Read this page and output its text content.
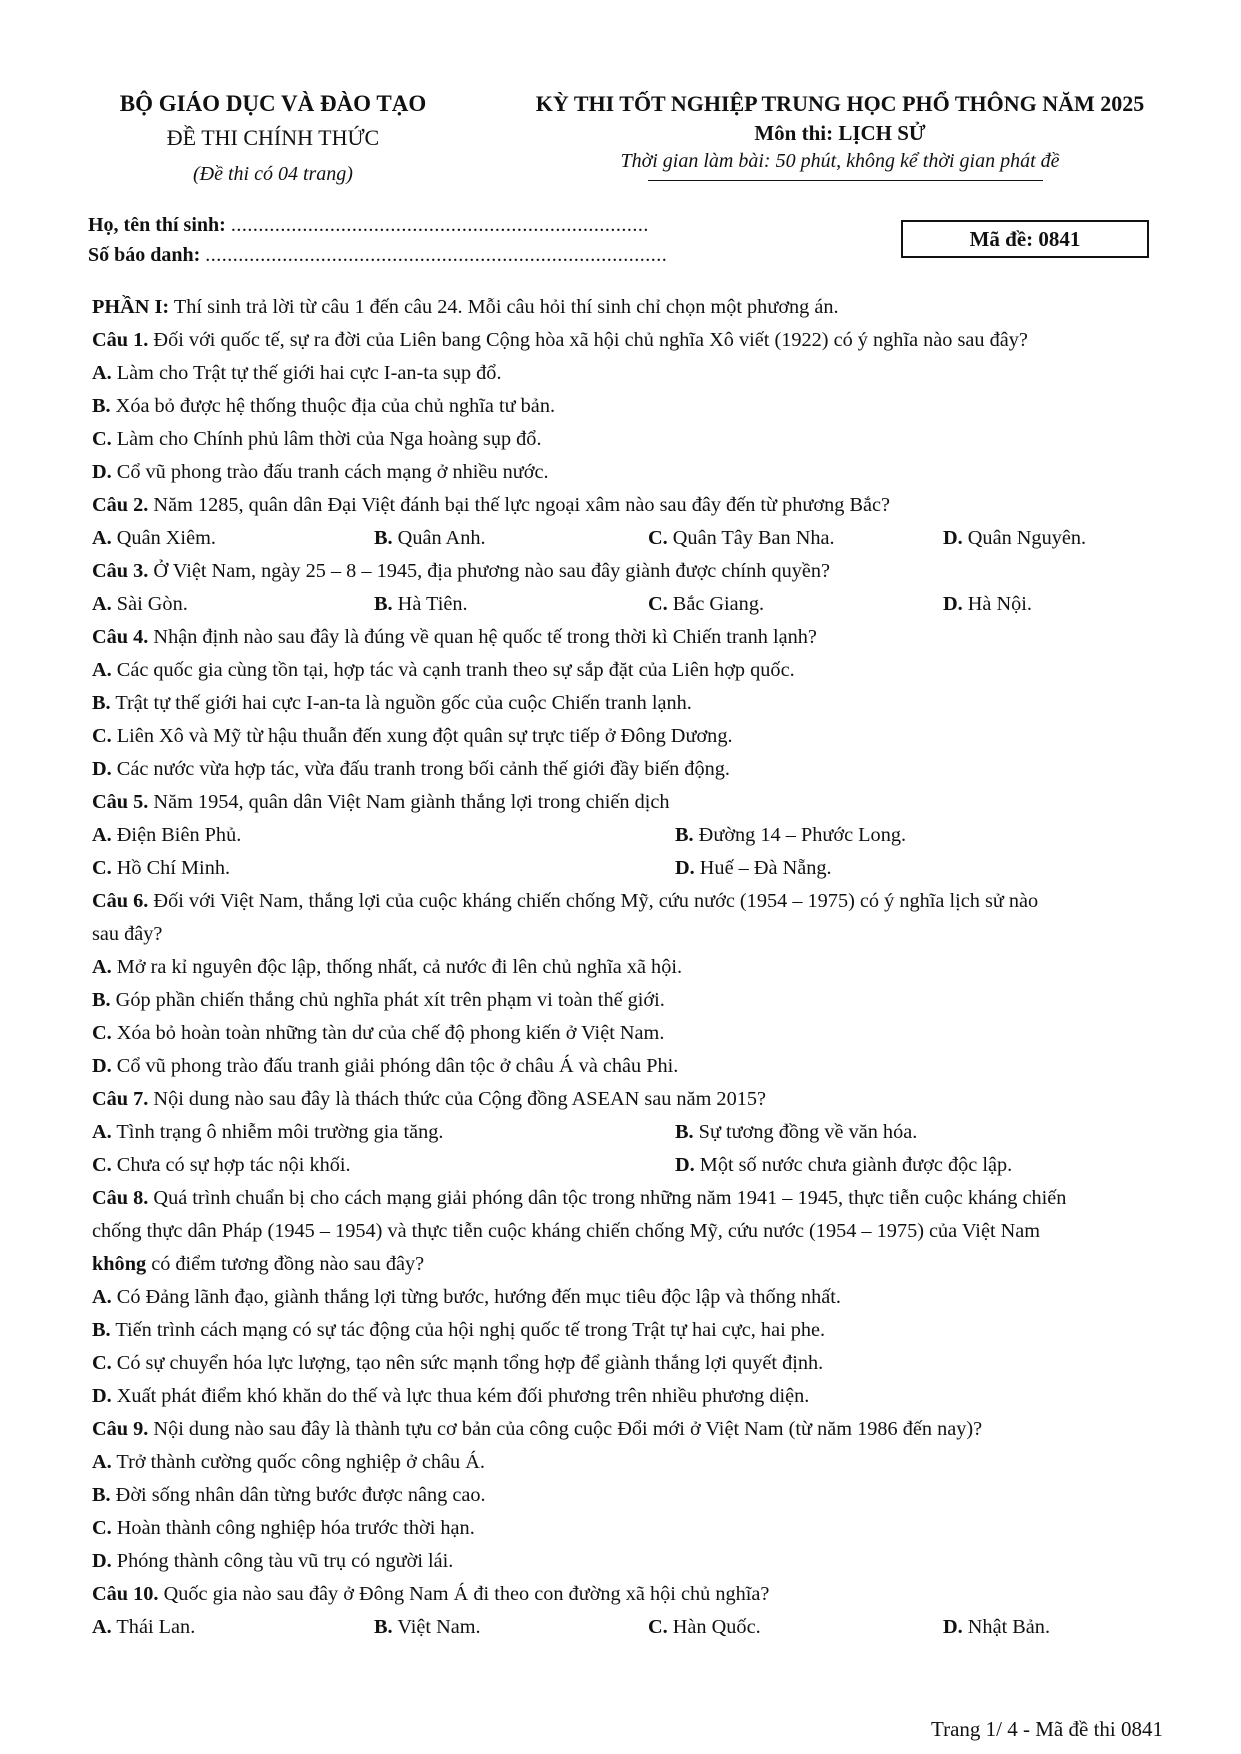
BỘ GIÁO DỤC VÀ ĐÀO TẠO
ĐỀ THI CHÍNH THỨC
(Đề thi có 04 trang)
KỲ THI TỐT NGHIỆP TRUNG HỌC PHỔ THÔNG NĂM 2025
Môn thi: LỊCH SỬ
Thời gian làm bài: 50 phút, không kể thời gian phát đề
Họ, tên thí sinh: ............................................................................
Số báo danh: ....................................................................................
Mã đề: 0841
PHẦN I: Thí sinh trả lời từ câu 1 đến câu 24. Mỗi câu hỏi thí sinh chỉ chọn một phương án.
Câu 1. Đối với quốc tế, sự ra đời của Liên bang Cộng hòa xã hội chủ nghĩa Xô viết (1922) có ý nghĩa nào sau đây?
A. Làm cho Trật tự thế giới hai cực I-an-ta sụp đổ.
B. Xóa bỏ được hệ thống thuộc địa của chủ nghĩa tư bản.
C. Làm cho Chính phủ lâm thời của Nga hoàng sụp đổ.
D. Cổ vũ phong trào đấu tranh cách mạng ở nhiều nước.
Câu 2. Năm 1285, quân dân Đại Việt đánh bại thế lực ngoại xâm nào sau đây đến từ phương Bắc?
A. Quân Xiêm.	B. Quân Anh.	C. Quân Tây Ban Nha.	D. Quân Nguyên.
Câu 3. Ở Việt Nam, ngày 25 – 8 – 1945, địa phương nào sau đây giành được chính quyền?
A. Sài Gòn.	B. Hà Tiên.	C. Bắc Giang.	D. Hà Nội.
Câu 4. Nhận định nào sau đây là đúng về quan hệ quốc tế trong thời kì Chiến tranh lạnh?
A. Các quốc gia cùng tồn tại, hợp tác và cạnh tranh theo sự sắp đặt của Liên hợp quốc.
B. Trật tự thế giới hai cực I-an-ta là nguồn gốc của cuộc Chiến tranh lạnh.
C. Liên Xô và Mỹ từ hậu thuẫn đến xung đột quân sự trực tiếp ở Đông Dương.
D. Các nước vừa hợp tác, vừa đấu tranh trong bối cảnh thế giới đầy biến động.
Câu 5. Năm 1954, quân dân Việt Nam giành thắng lợi trong chiến dịch
A. Điện Biên Phủ.	B. Đường 14 – Phước Long.
C. Hồ Chí Minh.	D. Huế – Đà Nẵng.
Câu 6. Đối với Việt Nam, thắng lợi của cuộc kháng chiến chống Mỹ, cứu nước (1954 – 1975) có ý nghĩa lịch sử nào
sau đây?
A. Mở ra kỉ nguyên độc lập, thống nhất, cả nước đi lên chủ nghĩa xã hội.
B. Góp phần chiến thắng chủ nghĩa phát xít trên phạm vi toàn thế giới.
C. Xóa bỏ hoàn toàn những tàn dư của chế độ phong kiến ở Việt Nam.
D. Cổ vũ phong trào đấu tranh giải phóng dân tộc ở châu Á và châu Phi.
Câu 7. Nội dung nào sau đây là thách thức của Cộng đồng ASEAN sau năm 2015?
A. Tình trạng ô nhiễm môi trường gia tăng.	B. Sự tương đồng về văn hóa.
C. Chưa có sự hợp tác nội khối.	D. Một số nước chưa giành được độc lập.
Câu 8. Quá trình chuẩn bị cho cách mạng giải phóng dân tộc trong những năm 1941 – 1945, thực tiễn cuộc kháng chiến
chống thực dân Pháp (1945 – 1954) và thực tiễn cuộc kháng chiến chống Mỹ, cứu nước (1954 – 1975) của Việt Nam
không có điểm tương đồng nào sau đây?
A. Có Đảng lãnh đạo, giành thắng lợi từng bước, hướng đến mục tiêu độc lập và thống nhất.
B. Tiến trình cách mạng có sự tác động của hội nghị quốc tế trong Trật tự hai cực, hai phe.
C. Có sự chuyển hóa lực lượng, tạo nên sức mạnh tổng hợp để giành thắng lợi quyết định.
D. Xuất phát điểm khó khăn do thế và lực thua kém đối phương trên nhiều phương diện.
Câu 9. Nội dung nào sau đây là thành tựu cơ bản của công cuộc Đổi mới ở Việt Nam (từ năm 1986 đến nay)?
A. Trở thành cường quốc công nghiệp ở châu Á.
B. Đời sống nhân dân từng bước được nâng cao.
C. Hoàn thành công nghiệp hóa trước thời hạn.
D. Phóng thành công tàu vũ trụ có người lái.
Câu 10. Quốc gia nào sau đây ở Đông Nam Á đi theo con đường xã hội chủ nghĩa?
A. Thái Lan.	B. Việt Nam.	C. Hàn Quốc.	D. Nhật Bản.
Trang 1/ 4 - Mã đề thi 0841
